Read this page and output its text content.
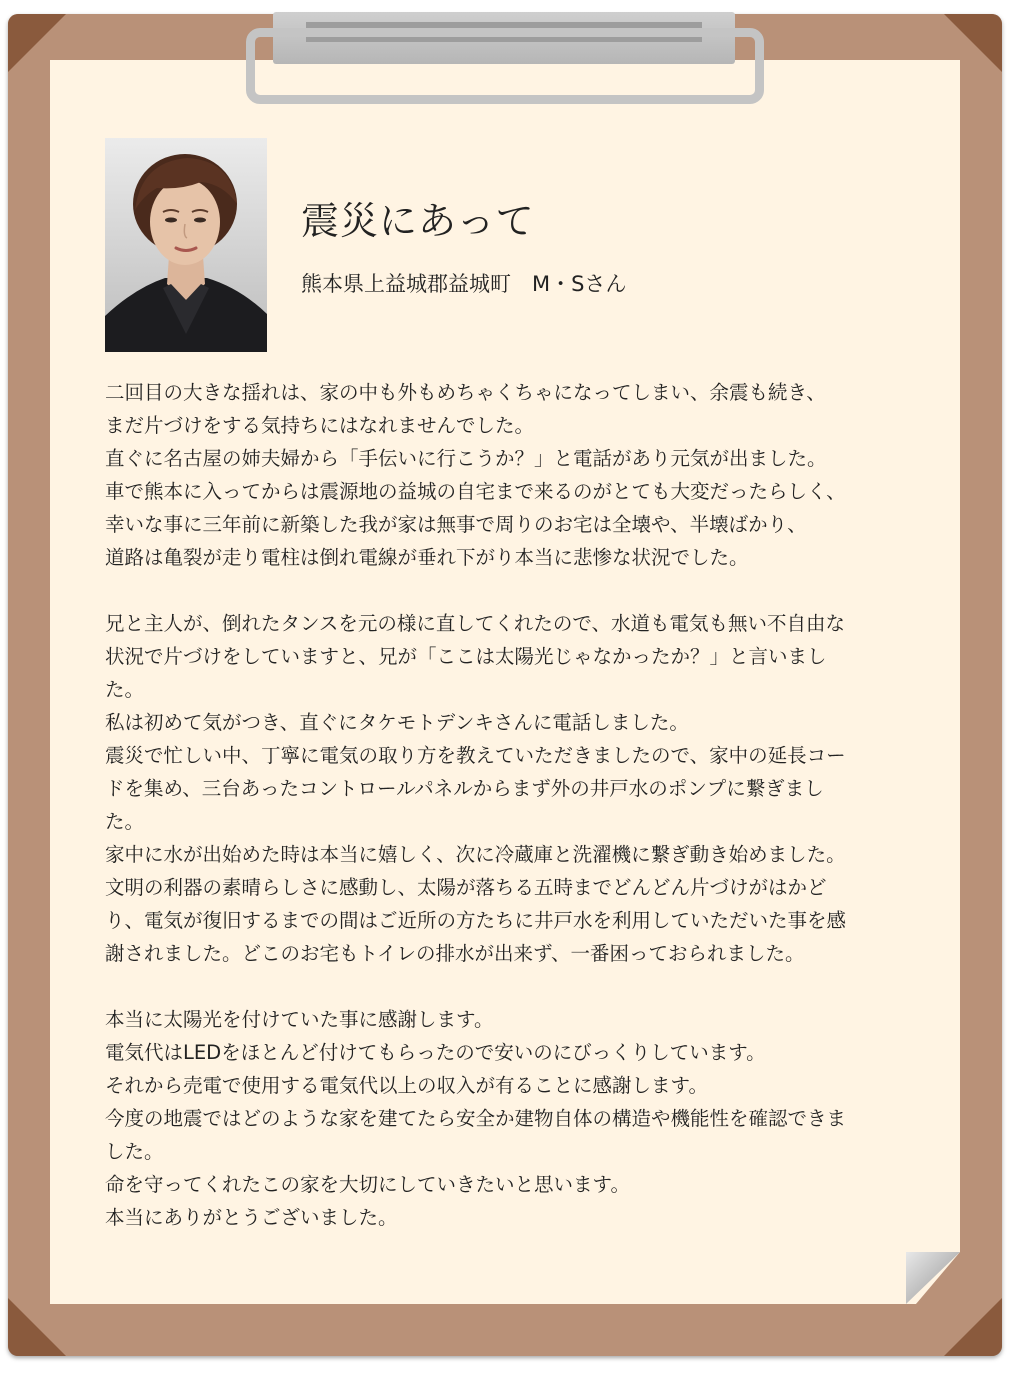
震災にあって

熊本県上益城郡益城町　M・Sさん

二回目の大きな揺れは、家の中も外もめちゃくちゃになってしまい、余震も続き、
まだ片づけをする気持ちにはなれませんでした。
直ぐに名古屋の姉夫婦から「手伝いに行こうか？」と電話があり元気が出ました。
車で熊本に入ってからは震源地の益城の自宅まで来るのがとても大変だったらしく、
幸いな事に三年前に新築した我が家は無事で周りのお宅は全壊や、半壊ばかり、
道路は亀裂が走り電柱は倒れ電線が垂れ下がり本当に悲惨な状況でした。

兄と主人が、倒れたタンスを元の様に直してくれたので、水道も電気も無い不自由な
状況で片づけをしていますと、兄が「ここは太陽光じゃなかったか？」と言いまし
た。
私は初めて気がつき、直ぐにタケモトデンキさんに電話しました。
震災で忙しい中、丁寧に電気の取り方を教えていただきましたので、家中の延長コー
ドを集め、三台あったコントロールパネルからまず外の井戸水のポンプに繋ぎまし
た。
家中に水が出始めた時は本当に嬉しく、次に冷蔵庫と洗濯機に繋ぎ動き始めました。
文明の利器の素晴らしさに感動し、太陽が落ちる五時までどんどん片づけがはかど
り、電気が復旧するまでの間はご近所の方たちに井戸水を利用していただいた事を感
謝されました。どこのお宅もトイレの排水が出来ず、一番困っておられました。

本当に太陽光を付けていた事に感謝します。
電気代はLEDをほとんど付けてもらったので安いのにびっくりしています。
それから売電で使用する電気代以上の収入が有ることに感謝します。
今度の地震ではどのような家を建てたら安全か建物自体の構造や機能性を確認できま
した。
命を守ってくれたこの家を大切にしていきたいと思います。
本当にありがとうございました。
